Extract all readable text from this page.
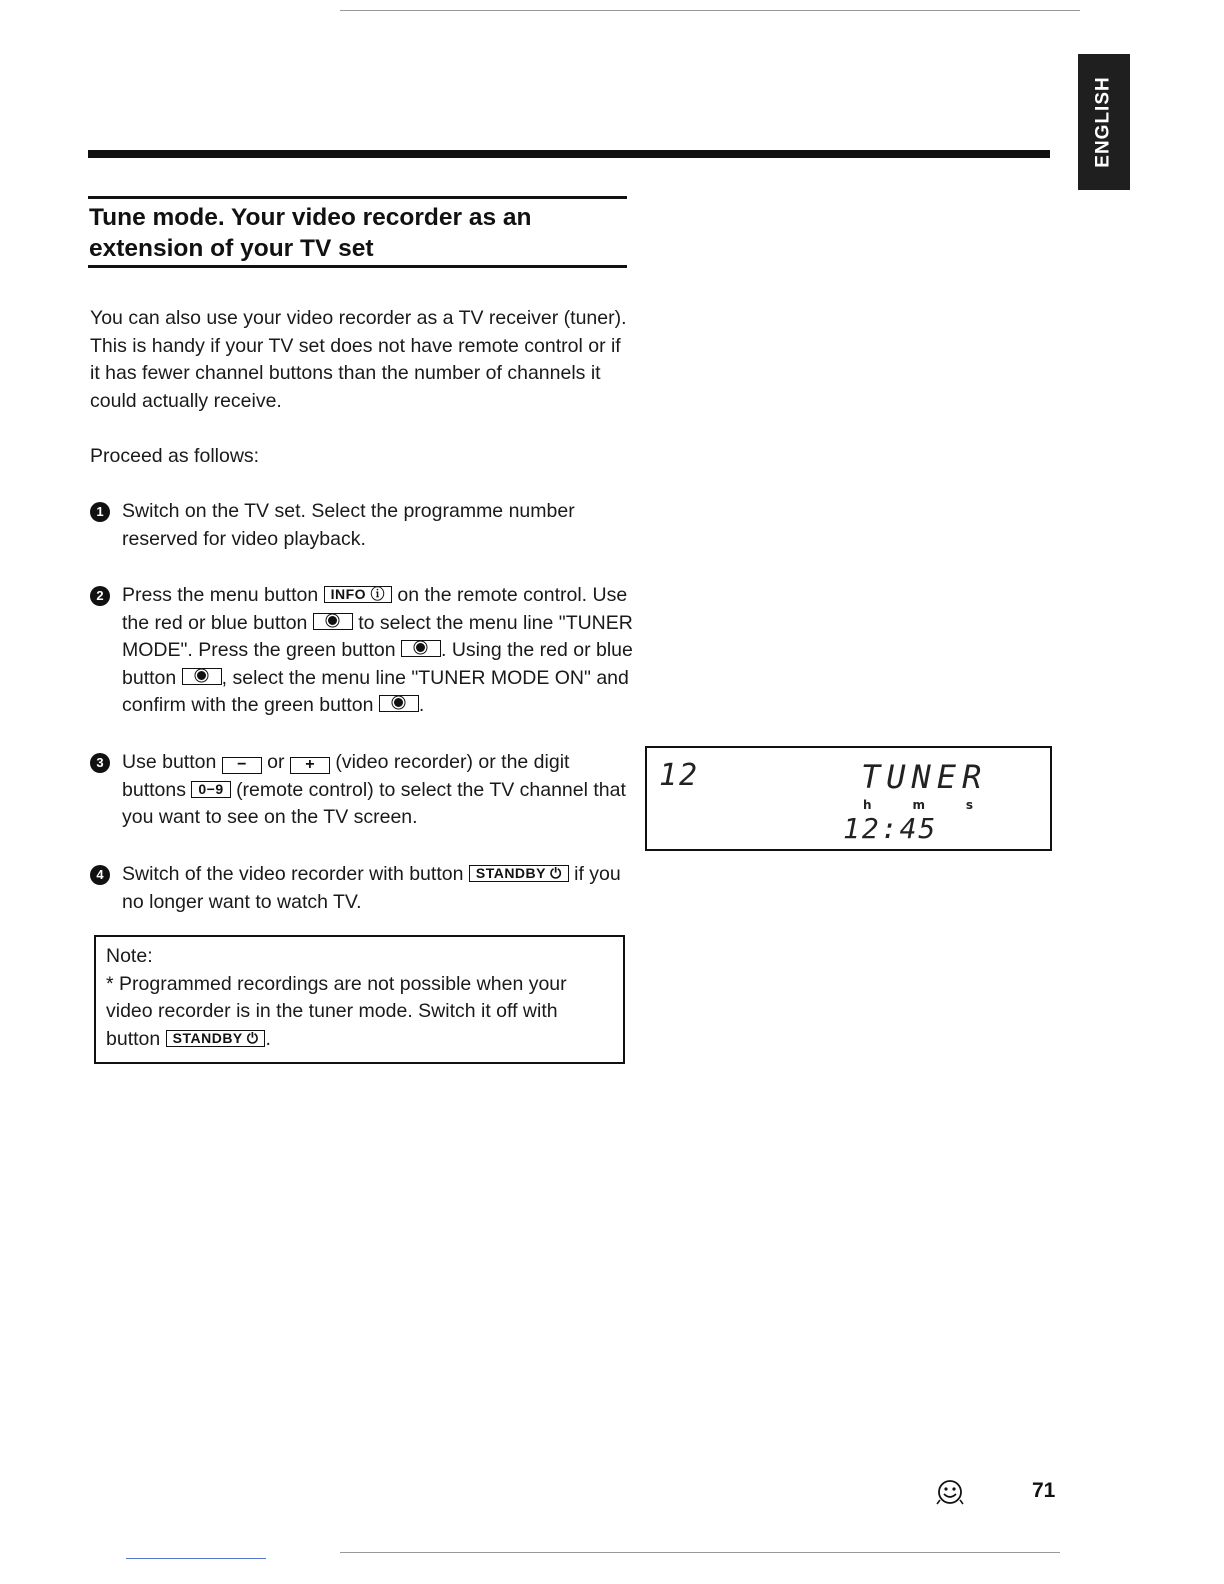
ENGLISH
Tune mode. Your video recorder as an extension of your TV set

You can also use your video recorder as a TV receiver (tuner). This is handy if your TV set does not have remote control or if it has fewer channel buttons than the number of channels it could actually receive.

Proceed as follows:

1 Switch on the TV set. Select the programme number reserved for video playback.
2 Press the menu button INFO ⓘ on the remote control. Use the red or blue button	to select the menu line "TUNER MODE". Press the green button . Using the red or blue button , select the menu line "TUNER MODE ON" and confirm with the green button .
3 Use button − or + (video recorder) or the digit buttons 0−9 (remote control) to select the TV channel that you want to see on the TV screen.
4 Switch of the video recorder with button STANDBY ⏻ if you no longer want to watch TV.

Note:

* Programmed recordings are not possible when your video recorder is in the tuner mode. Switch it off with button STANDBY ⏻ .

12	TUNER
h	m	s
12:45
71
